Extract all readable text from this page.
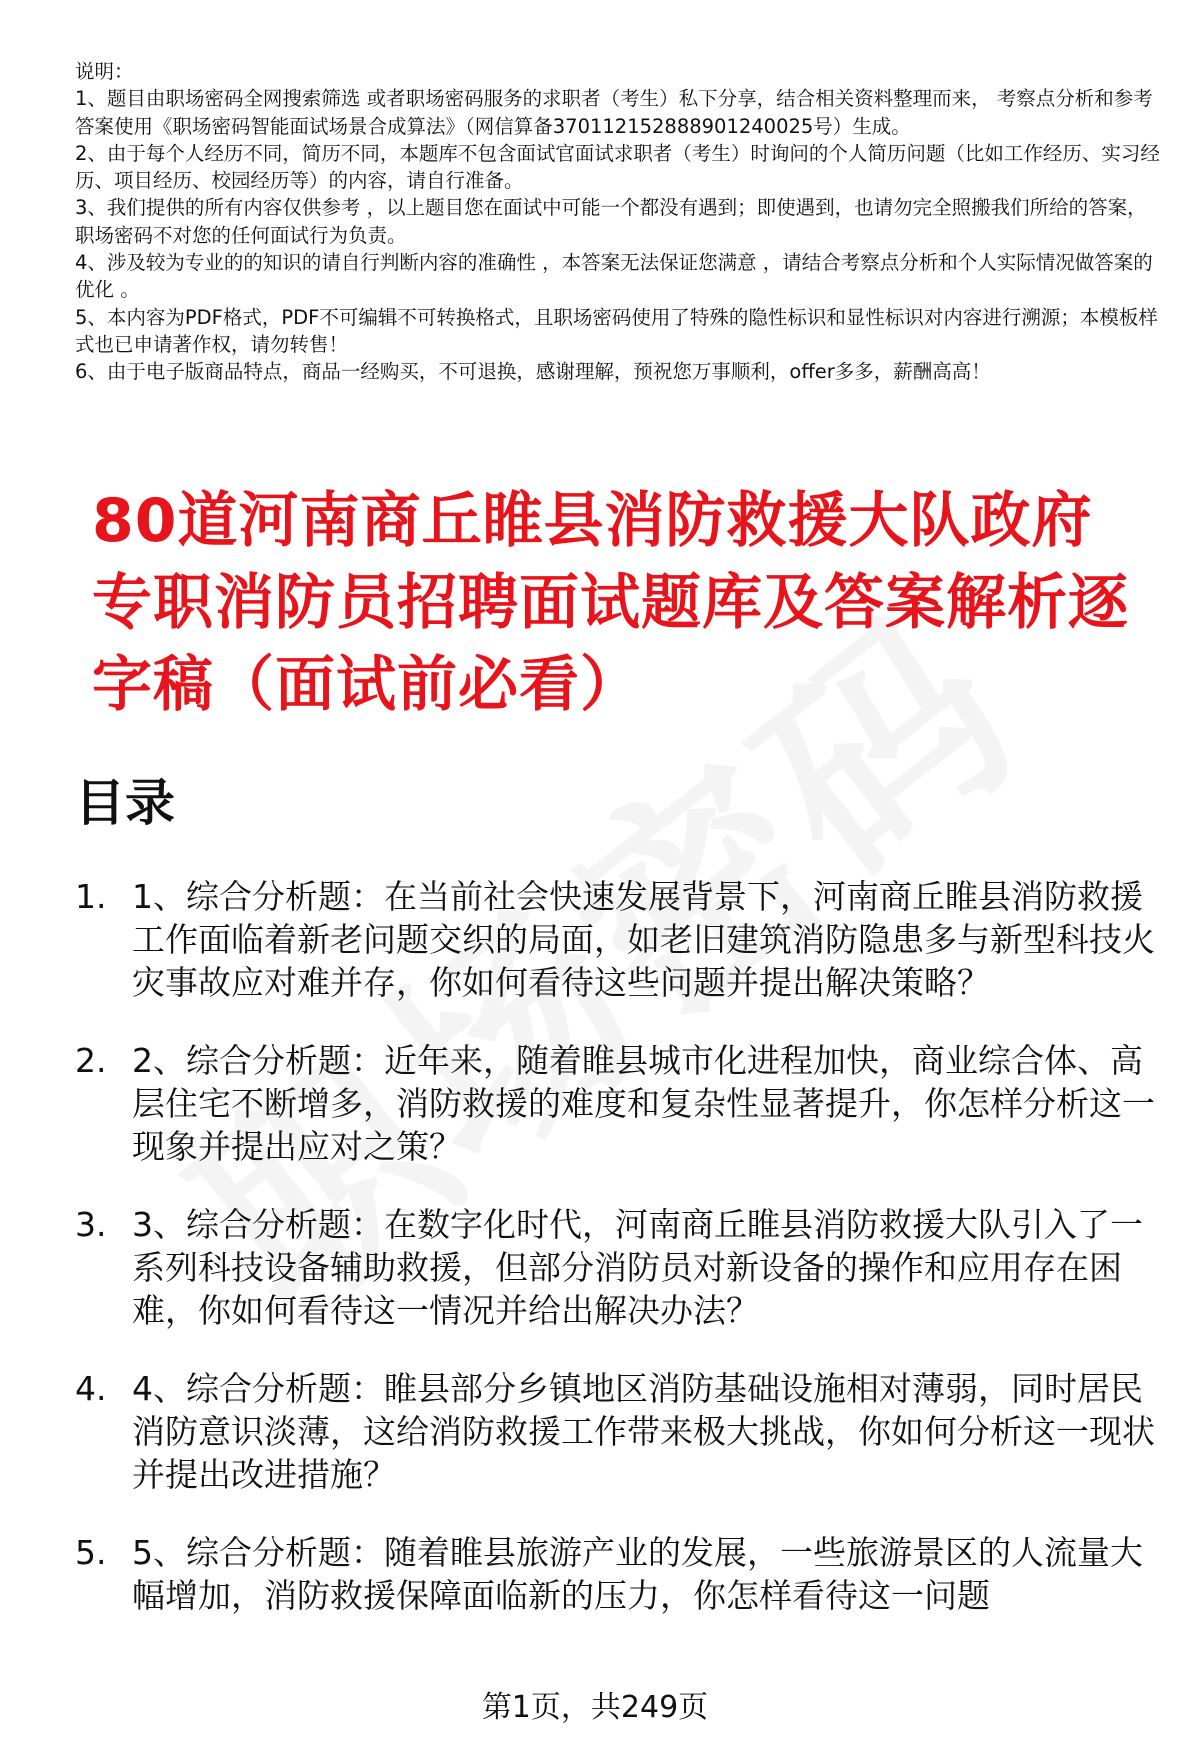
说明：

1、题目由职场密码全网搜索筛选 或者职场密码服务的求职者（考生）私下分享，结合相关资料整理而来， 考察点分析和参考答案使用《职场密码智能面试场景合成算法》（网信算备370112152888901240025号）生成。

2、由于每个人经历不同，简历不同，本题库不包含面试官面试求职者（考生）时询问的个人简历问题（比如工作经历、实习经历、项目经历、校园经历等）的内容，请自行准备。

3、我们提供的所有内容仅供参考 ，以上题目您在面试中可能一个都没有遇到；即使遇到，也请勿完全照搬我们所给的答案，职场密码不对您的任何面试行为负责。

4、涉及较为专业的的知识的请自行判断内容的准确性 ，本答案无法保证您满意 ，请结合考察点分析和个人实际情况做答案的优化 。

5、本内容为PDF格式，PDF不可编辑不可转换格式，且职场密码使用了特殊的隐性标识和显性标识对内容进行溯源；本模板样式也已申请著作权，请勿转售！

6、由于电子版商品特点，商品一经购买，不可退换，感谢理解，预祝您万事顺利，offer多多，薪酬高高！

80道河南商丘睢县消防救援大队政府专职消防员招聘面试题库及答案解析逐字稿（面试前必看）
目录
1. 1、综合分析题：在当前社会快速发展背景下，河南商丘睢县消防救援工作面临着新老问题交织的局面，如老旧建筑消防隐患多与新型科技火灾事故应对难并存，你如何看待这些问题并提出解决策略？
2. 2、综合分析题：近年来，随着睢县城市化进程加快，商业综合体、高层住宅不断增多，消防救援的难度和复杂性显著提升，你怎样分析这一现象并提出应对之策？
3. 3、综合分析题：在数字化时代，河南商丘睢县消防救援大队引入了一系列科技设备辅助救援，但部分消防员对新设备的操作和应用存在困难，你如何看待这一情况并给出解决办法？
4. 4、综合分析题：睢县部分乡镇地区消防基础设施相对薄弱，同时居民消防意识淡薄，这给消防救援工作带来极大挑战，你如何分析这一现状并提出改进措施？
5. 5、综合分析题：随着睢县旅游产业的发展，一些旅游景区的人流量大幅增加，消防救援保障面临新的压力，你怎样看待这一问题
第1页，共249页
